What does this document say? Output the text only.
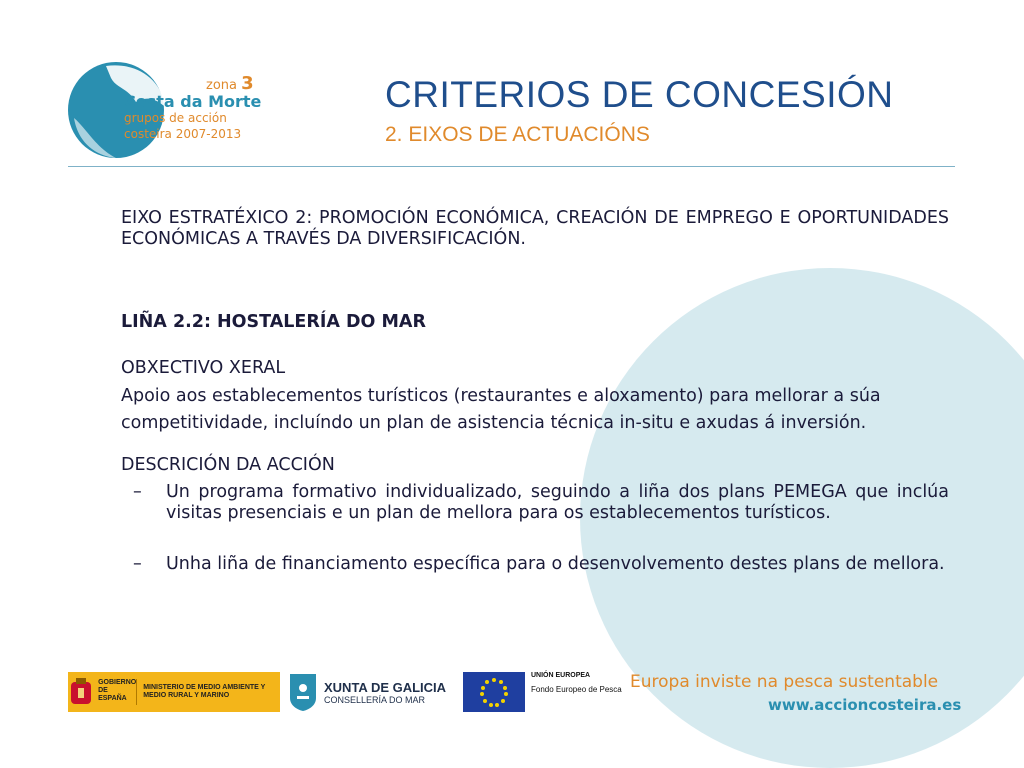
zona 3
Costa da Morte
grupos de acción
costeira 2007-2013
CRITERIOS DE CONCESIÓN
2. EIXOS DE ACTUACIÓNS

EIXO ESTRATÉXICO 2: PROMOCIÓN ECONÓMICA, CREACIÓN DE EMPREGO E OPORTUNIDADES ECONÓMICAS A TRAVÉS DA DIVERSIFICACIÓN.

LIÑA 2.2: HOSTALERÍA DO MAR

OBXECTIVO XERAL

Apoio aos establecementos turísticos (restaurantes e aloxamento) para mellorar a súa competitividade, incluíndo un plan de asistencia técnica in-situ e axudas á inversión.

DESCRICIÓN DA ACCIÓN

–	Un programa formativo individualizado, seguindo a liña dos plans PEMEGA que inclúa visitas presenciais e un plan de mellora para os establecementos turísticos.
–	Unha liña de financiamento específica para o desenvolvemento destes plans de mellora.
GOBIERNO DE ESPAÑA
MINISTERIO DE MEDIO AMBIENTE Y MEDIO RURAL Y MARINO
XUNTA DE GALICIA
CONSELLERÍA DO MAR
UNIÓN EUROPEA
Fondo Europeo de Pesca Europa inviste na pesca sustentable
www.accioncosteira.es
